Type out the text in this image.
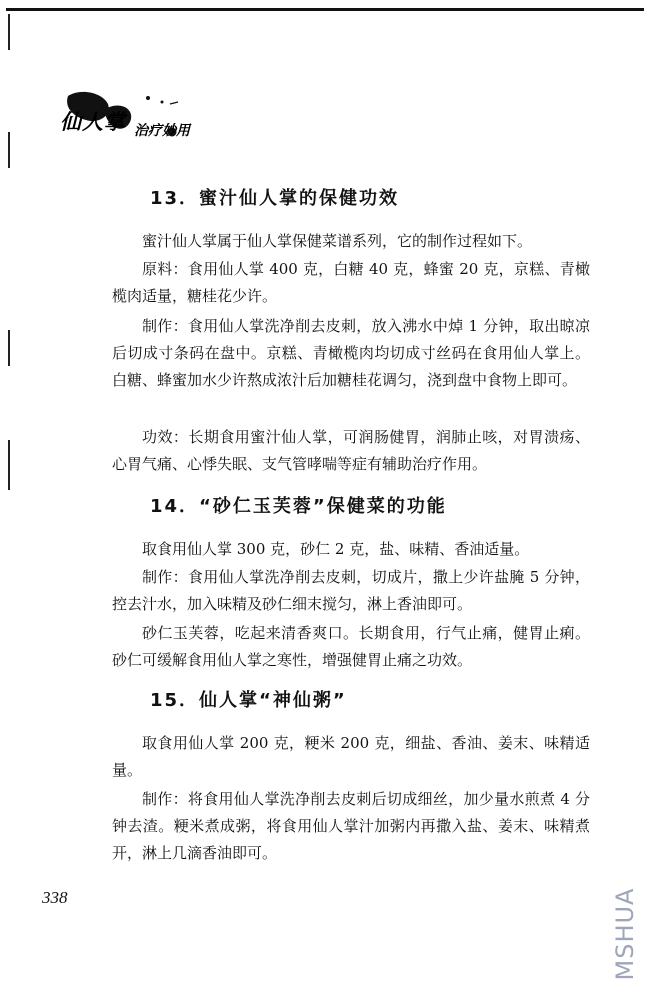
仙人掌 治疗妙用
13．蜜汁仙人掌的保健功效

蜜汁仙人掌属于仙人掌保健菜谱系列，它的制作过程如下。

原料：食用仙人掌 400 克，白糖 40 克，蜂蜜 20 克，京糕、青橄榄肉适量，糖桂花少许。

制作：食用仙人掌洗净削去皮刺，放入沸水中焯 1 分钟，取出晾凉后切成寸条码在盘中。京糕、青橄榄肉均切成寸丝码在食用仙人掌上。白糖、蜂蜜加水少许熬成浓汁后加糖桂花调匀，浇到盘中食物上即可。

功效：长期食用蜜汁仙人掌，可润肠健胃，润肺止咳，对胃溃疡、心胃气痛、心悸失眠、支气管哮喘等症有辅助治疗作用。

14．“砂仁玉芙蓉”保健菜的功能

取食用仙人掌 300 克，砂仁 2 克，盐、味精、香油适量。

制作：食用仙人掌洗净削去皮刺，切成片，撒上少许盐腌 5 分钟，控去汁水，加入味精及砂仁细末搅匀，淋上香油即可。

砂仁玉芙蓉，吃起来清香爽口。长期食用，行气止痛，健胃止痢。砂仁可缓解食用仙人掌之寒性，增强健胃止痛之功效。

15．仙人掌“神仙粥”

取食用仙人掌 200 克，粳米 200 克，细盐、香油、姜末、味精适量。

制作：将食用仙人掌洗净削去皮刺后切成细丝，加少量水煎煮 4 分钟去渣。粳米煮成粥，将食用仙人掌汁加粥内再撒入盐、姜末、味精煮开，淋上几滴香油即可。

338	MSHUA
